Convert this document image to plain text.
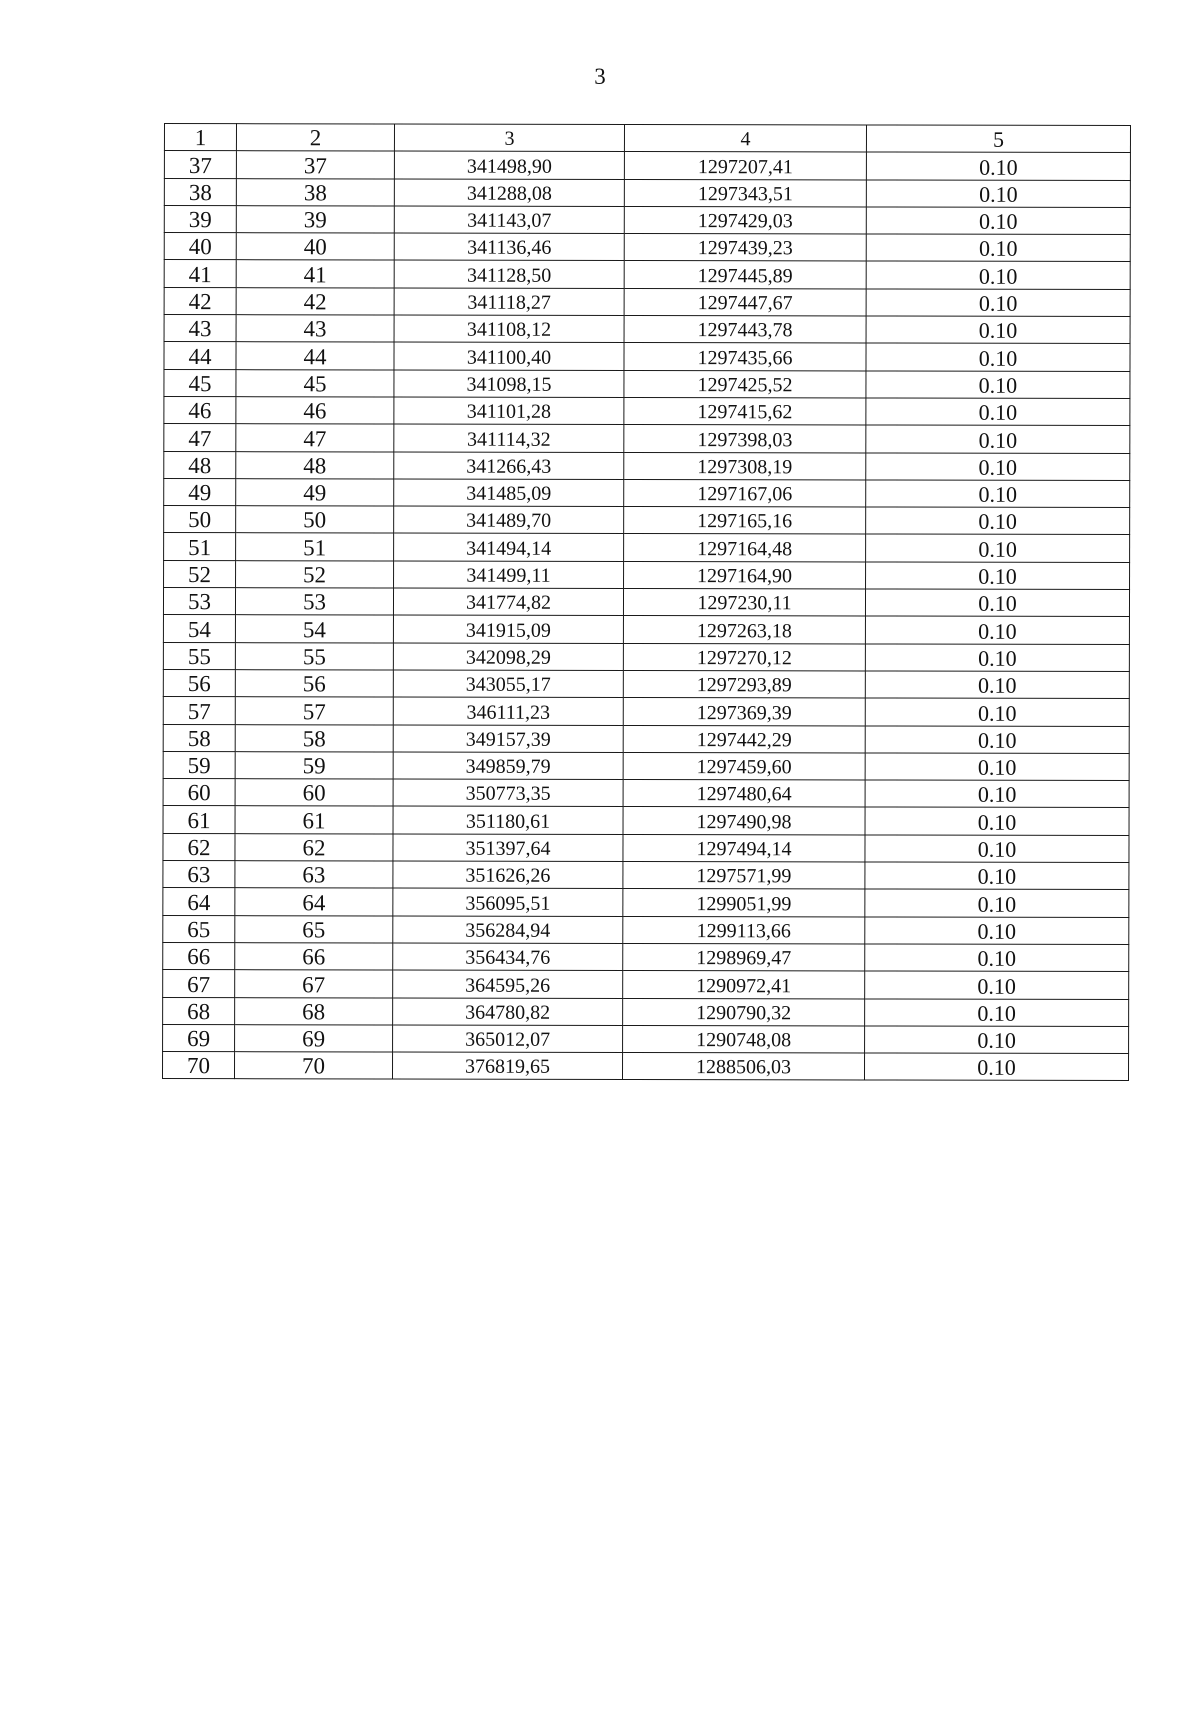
3
1	2	3	4	5
37	37	341498,90	1297207,41	0.10
38	38	341288,08	1297343,51	0.10
39	39	341143,07	1297429,03	0.10
40	40	341136,46	1297439,23	0.10
41	41	341128,50	1297445,89	0.10
42	42	341118,27	1297447,67	0.10
43	43	341108,12	1297443,78	0.10
44	44	341100,40	1297435,66	0.10
45	45	341098,15	1297425,52	0.10
46	46	341101,28	1297415,62	0.10
47	47	341114,32	1297398,03	0.10
48	48	341266,43	1297308,19	0.10
49	49	341485,09	1297167,06	0.10
50	50	341489,70	1297165,16	0.10
51	51	341494,14	1297164,48	0.10
52	52	341499,11	1297164,90	0.10
53	53	341774,82	1297230,11	0.10
54	54	341915,09	1297263,18	0.10
55	55	342098,29	1297270,12	0.10
56	56	343055,17	1297293,89	0.10
57	57	346111,23	1297369,39	0.10
58	58	349157,39	1297442,29	0.10
59	59	349859,79	1297459,60	0.10
60	60	350773,35	1297480,64	0.10
61	61	351180,61	1297490,98	0.10
62	62	351397,64	1297494,14	0.10
63	63	351626,26	1297571,99	0.10
64	64	356095,51	1299051,99	0.10
65	65	356284,94	1299113,66	0.10
66	66	356434,76	1298969,47	0.10
67	67	364595,26	1290972,41	0.10
68	68	364780,82	1290790,32	0.10
69	69	365012,07	1290748,08	0.10
70	70	376819,65	1288506,03	0.10
